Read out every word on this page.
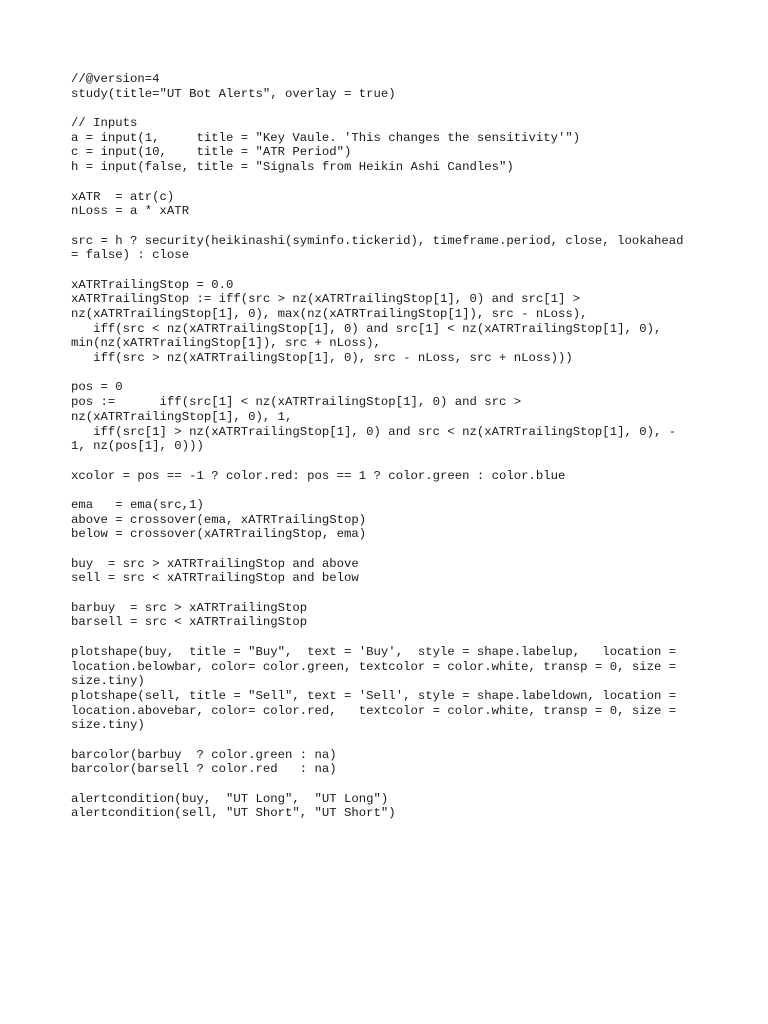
//@version=4
study(title="UT Bot Alerts", overlay = true)
// Inputs
a = input(1,     title = "Key Vaule. 'This changes the sensitivity'")
c = input(10,    title = "ATR Period")
h = input(false, title = "Signals from Heikin Ashi Candles")
xATR  = atr(c)
nLoss = a * xATR
src = h ? security(heikinashi(syminfo.tickerid), timeframe.period, close, lookahead
= false) : close
xATRTrailingStop = 0.0
xATRTrailingStop := iff(src > nz(xATRTrailingStop[1], 0) and src[1] >
nz(xATRTrailingStop[1], 0), max(nz(xATRTrailingStop[1]), src - nLoss),
iff(src < nz(xATRTrailingStop[1], 0) and src[1] < nz(xATRTrailingStop[1], 0),
min(nz(xATRTrailingStop[1]), src + nLoss),
iff(src > nz(xATRTrailingStop[1], 0), src - nLoss, src + nLoss)))
pos = 0
pos :=      iff(src[1] < nz(xATRTrailingStop[1], 0) and src >
nz(xATRTrailingStop[1], 0), 1,
iff(src[1] > nz(xATRTrailingStop[1], 0) and src < nz(xATRTrailingStop[1], 0), -
1, nz(pos[1], 0)))
xcolor = pos == -1 ? color.red: pos == 1 ? color.green : color.blue
ema   = ema(src,1)
above = crossover(ema, xATRTrailingStop)
below = crossover(xATRTrailingStop, ema)
buy  = src > xATRTrailingStop and above
sell = src < xATRTrailingStop and below
barbuy  = src > xATRTrailingStop
barsell = src < xATRTrailingStop
plotshape(buy,  title = "Buy",  text = 'Buy',  style = shape.labelup,   location =
location.belowbar, color= color.green, textcolor = color.white, transp = 0, size =
size.tiny)
plotshape(sell, title = "Sell", text = 'Sell', style = shape.labeldown, location =
location.abovebar, color= color.red,   textcolor = color.white, transp = 0, size =
size.tiny)
barcolor(barbuy  ? color.green : na)
barcolor(barsell ? color.red   : na)
alertcondition(buy,  "UT Long",  "UT Long")
alertcondition(sell, "UT Short", "UT Short")
